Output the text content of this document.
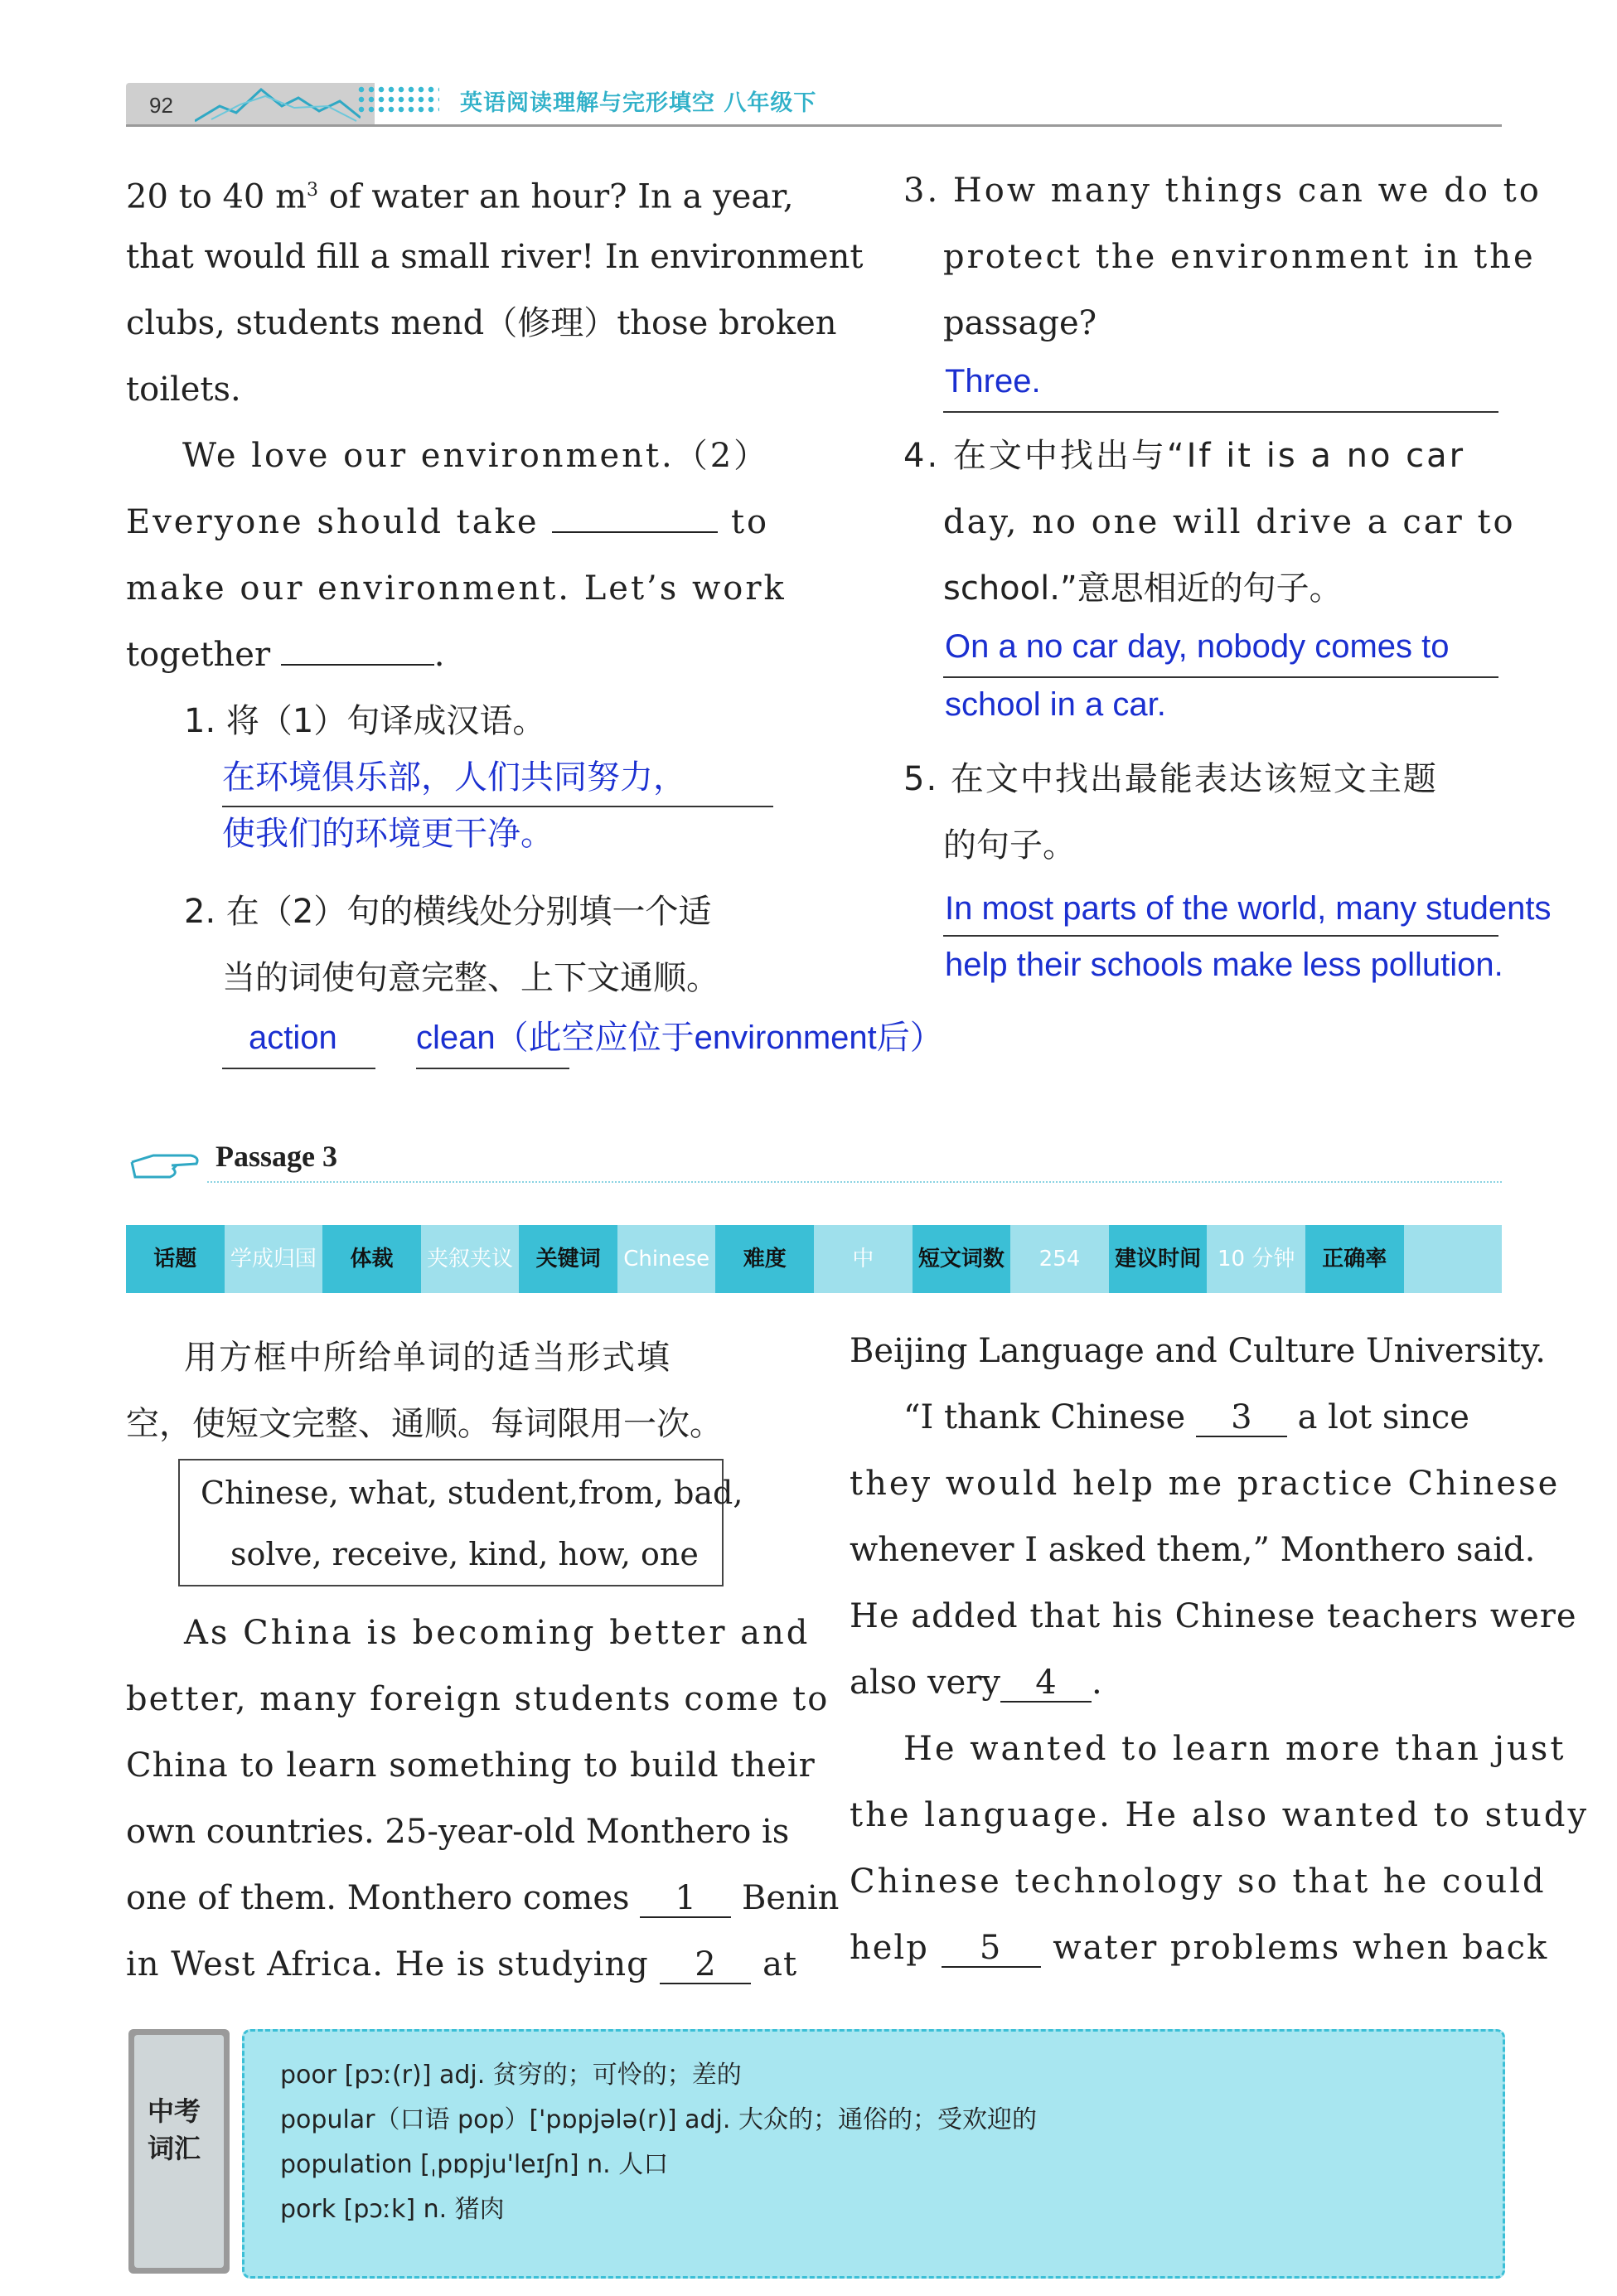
92	英语阅读理解与完形填空 八年级下
20 to 40 $m^3$ of water an hour? In a year,
that would fill a small river! In environment
clubs, students mend（修理）those broken
toilets.
We love our environment.（2）
Everyone should take	to
make our environment. Let’s work
together	.
1. 将（1）句译成汉语。
在环境俱乐部，人们共同努力，
使我们的环境更干净。
2. 在（2）句的横线处分别填一个适
当的词使句意完整、上下文通顺。
action clean（此空应位于environment后）
3. How many things can we do to
protect the environment in the
passage?
Three.
4. 在文中找出与“If it is a no car
day, no one will drive a car to
school.”意思相近的句子。
On a no car day, nobody comes to
school in a car.
5. 在文中找出最能表达该短文主题
的句子。
In most parts of the world, many students
help their schools make less pollution.
Passage 3
话题	学成归国	体裁	夹叙夹议	关键词	Chinese	难度	中	短文词数	254	建议时间 10 分钟	正确率
用方框中所给单词的适当形式填
空，使短文完整、通顺。每词限用一次。
Chinese, what, student,from, bad,
solve, receive, kind, how, one
As China is becoming better and
better, many foreign students come to
China to learn something to build their
own countries. 25-year-old Monthero is
one of them. Monthero comes 1 Benin
in West Africa. He is studying 2 at
Beijing Language and Culture University.
“I thank Chinese 3 a lot since
they would help me practice Chinese
whenever I asked them,” Monthero said.
He added that his Chinese teachers were
also very 4 .
He wanted to learn more than just
the language. He also wanted to study
Chinese technology so that he could
help 5 water problems when back
中考
词汇
poor [pɔː(r)] adj. 贫穷的；可怜的；差的
popular（口语 pop）['pɒpjələ(r)] adj. 大众的；通俗的；受欢迎的
population [ˌpɒpju'leɪʃn] n. 人口
pork [pɔːk] n. 猪肉
